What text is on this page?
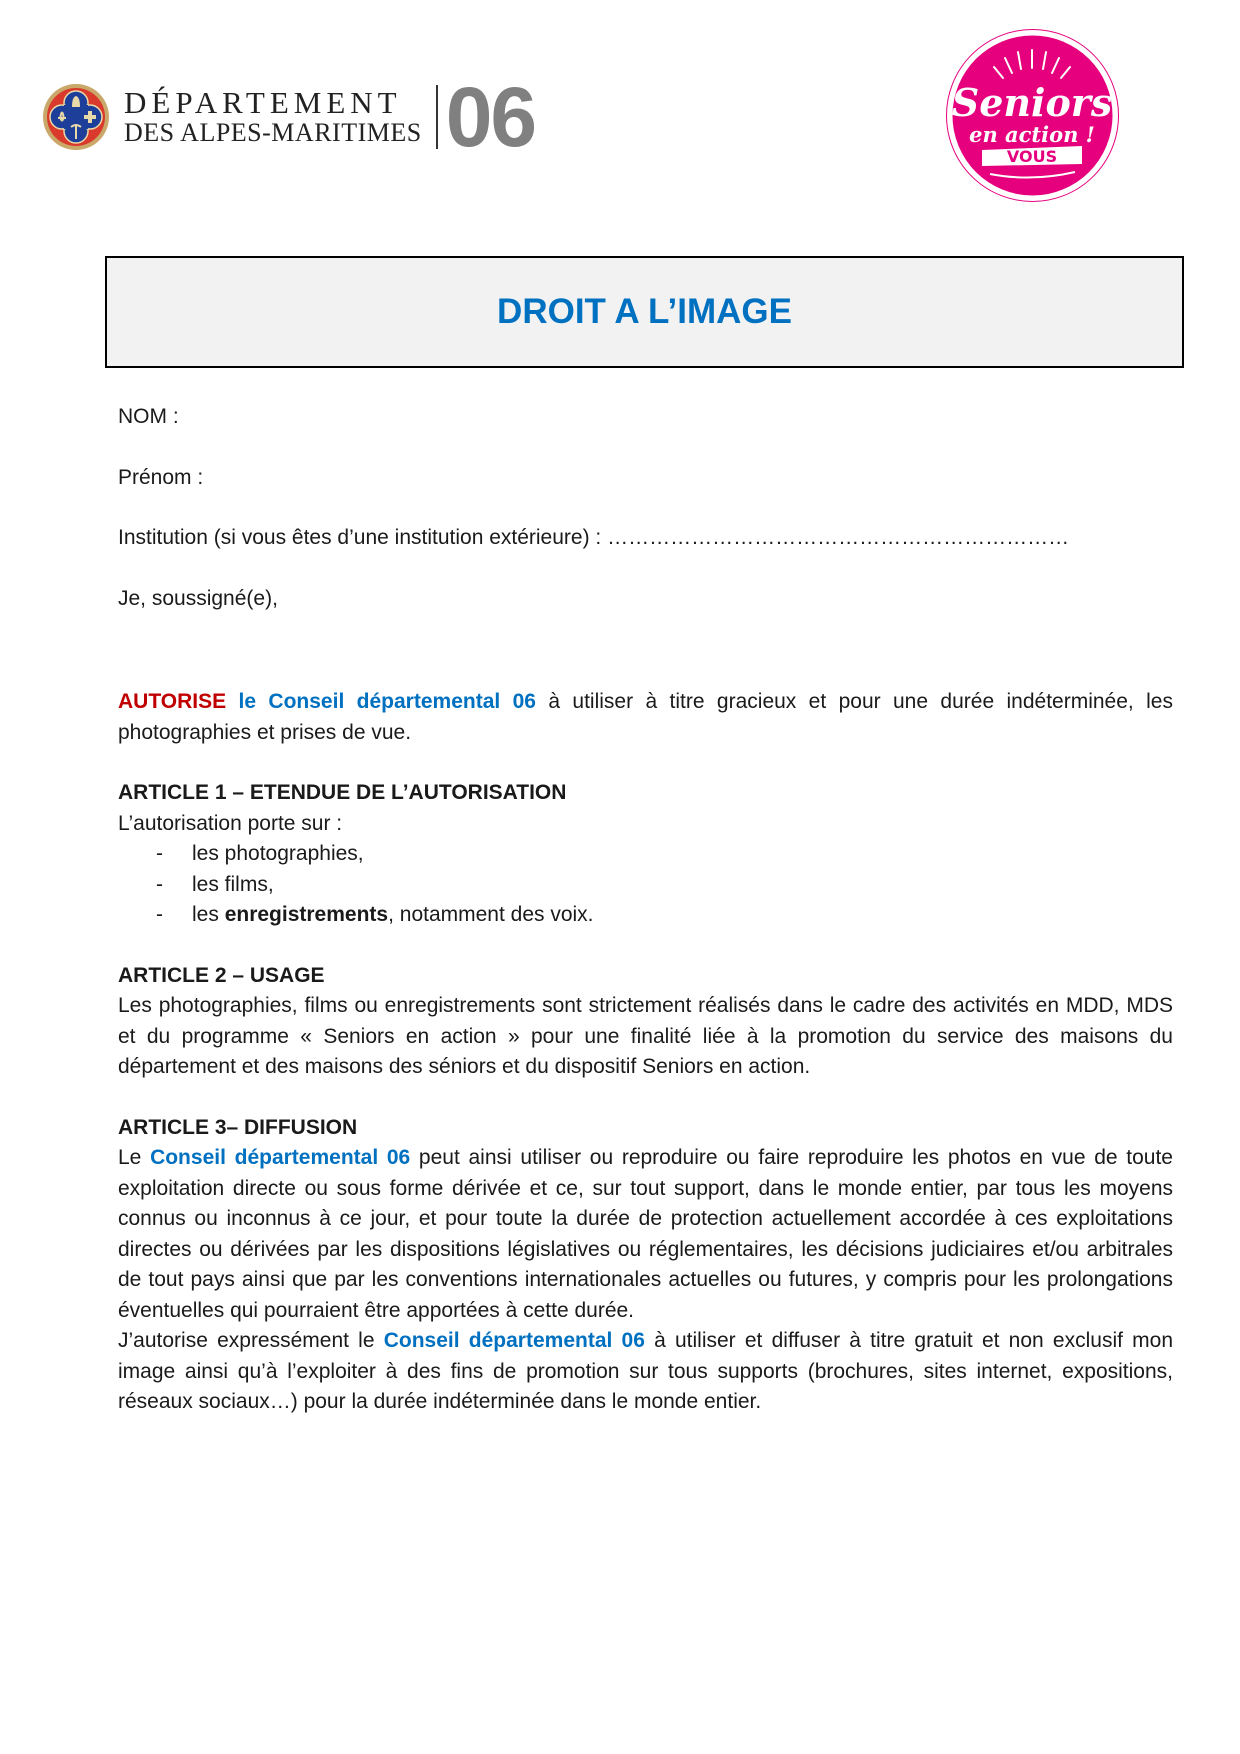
DÉPARTEMENT
DES ALPES-MARITIMES 06	Seniors
en action !
VOUS
DROIT A L’IMAGE
NOM :
Prénom :
Institution (si vous êtes d’une institution extérieure) : …………………………………………………………
Je, soussigné(e),

AUTORISE le Conseil départemental 06 à utiliser à titre gracieux et pour une durée indéterminée, les photographies et prises de vue.

ARTICLE 1 – ETENDUE DE L’AUTORISATION

L’autorisation porte sur :

- les photographies,
- les films,
- les enregistrements, notamment des voix.

ARTICLE 2 – USAGE

Les photographies, films ou enregistrements sont strictement réalisés dans le cadre des activités en MDD, MDS et du programme « Seniors en action » pour une finalité liée à la promotion du service des maisons du département et des maisons des séniors et du dispositif Seniors en action.

ARTICLE 3– DIFFUSION

Le Conseil départemental 06 peut ainsi utiliser ou reproduire ou faire reproduire les photos en vue de toute exploitation directe ou sous forme dérivée et ce, sur tout support, dans le monde entier, par tous les moyens connus ou inconnus à ce jour, et pour toute la durée de protection actuellement accordée à ces exploitations directes ou dérivées par les dispositions législatives ou réglementaires, les décisions judiciaires et/ou arbitrales de tout pays ainsi que par les conventions internationales actuelles ou futures, y compris pour les prolongations éventuelles qui pourraient être apportées à cette durée.

J’autorise expressément le Conseil départemental 06 à utiliser et diffuser à titre gratuit et non exclusif mon image ainsi qu’à l’exploiter à des fins de promotion sur tous supports (brochures, sites internet, expositions, réseaux sociaux…) pour la durée indéterminée dans le monde entier.
